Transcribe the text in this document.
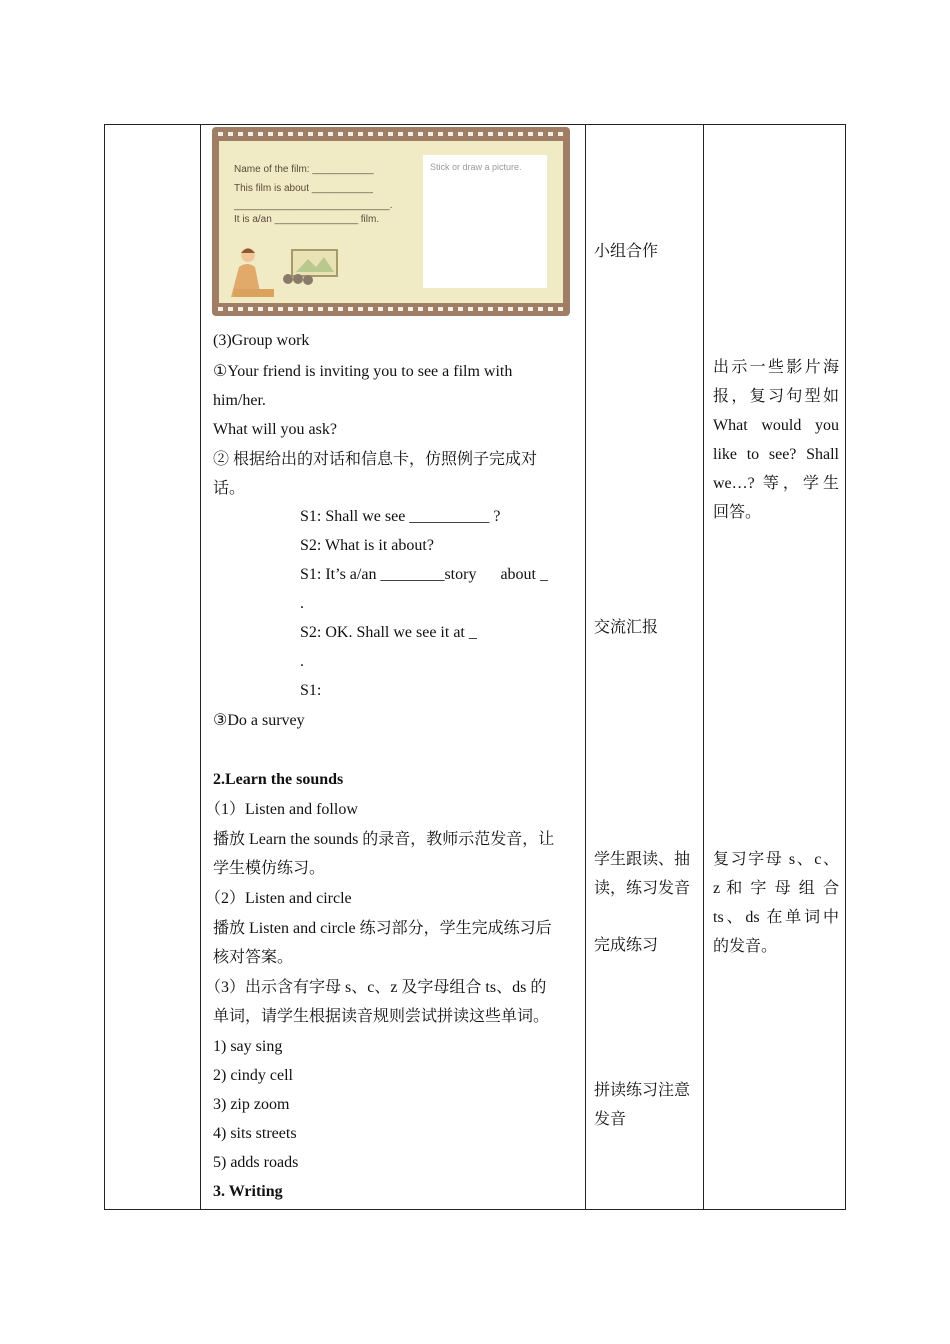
Stick or draw a picture.
Name of the film: ___________
This film is about ___________
____________________________.
It is a/an _______________ film.
(3)Group work
①Your friend is inviting you to see a film with
him/her.
What will you ask?
② 根据给出的对话和信息卡，仿照例子完成对
话。
S1: Shall we see __________ ?
S2: What is it about?
S1: It’s a/an ________story      about _
.
S2: OK. Shall we see it at _
.
S1:
③Do a survey
2.Learn the sounds
（1）Listen and follow
播放 Learn the sounds 的录音，教师示范发音，让
学生模仿练习。
（2）Listen and circle
播放 Listen and circle 练习部分，学生完成练习后
核对答案。
（3）出示含有字母 s、c、z 及字母组合 ts、ds 的
单词，请学生根据读音规则尝试拼读这些单词。
1) say sing
2) cindy cell
3) zip zoom
4) sits streets
5) adds roads
3. Writing
小组合作
交流汇报
学生跟读、抽
读，练习发音
完成练习
拼读练习注意
发音
出示一些影片海
报，复习句型如
What would you
like to see? Shall
we…? 等，学生
回答。
复习字母 s、c、
z 和 字 母 组 合
ts、ds 在单词中
的发音。
